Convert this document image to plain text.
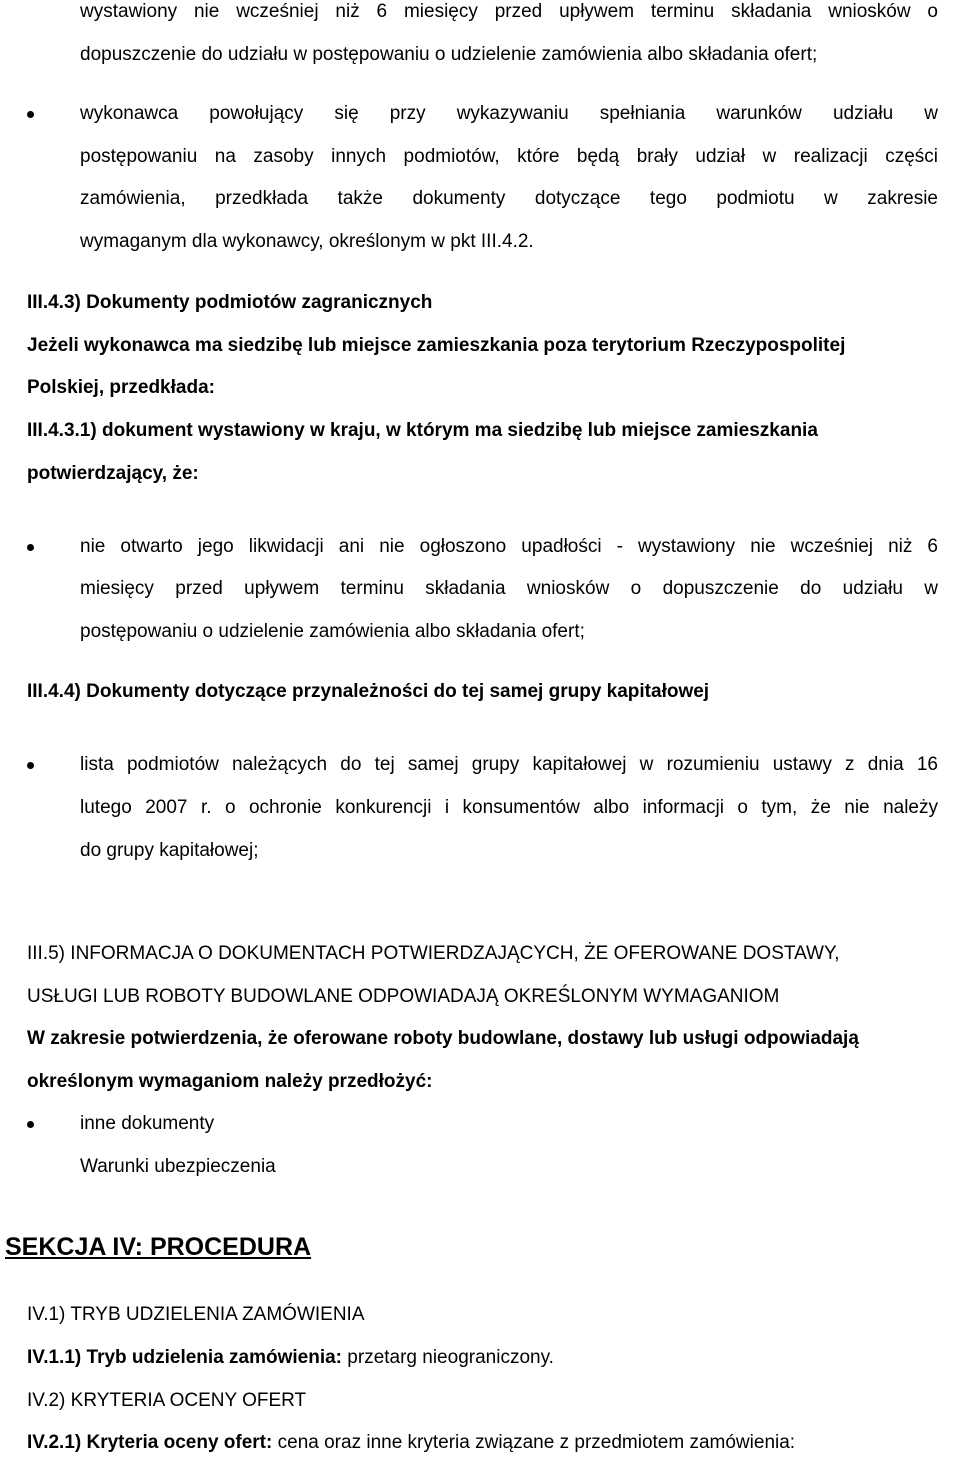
wystawiony nie wcześniej niż 6 miesięcy przed upływem terminu składania wniosków o
dopuszczenie do udziału w postępowaniu o udzielenie zamówienia albo składania ofert;
wykonawca powołujący się przy wykazywaniu spełniania warunków udziału w
postępowaniu na zasoby innych podmiotów, które będą brały udział w realizacji części
zamówienia, przedkłada także dokumenty dotyczące tego podmiotu w zakresie
wymaganym dla wykonawcy, określonym w pkt III.4.2.
III.4.3) Dokumenty podmiotów zagranicznych
Jeżeli wykonawca ma siedzibę lub miejsce zamieszkania poza terytorium Rzeczypospolitej
Polskiej, przedkłada:
III.4.3.1) dokument wystawiony w kraju, w którym ma siedzibę lub miejsce zamieszkania
potwierdzający, że:
nie otwarto jego likwidacji ani nie ogłoszono upadłości - wystawiony nie wcześniej niż 6
miesięcy przed upływem terminu składania wniosków o dopuszczenie do udziału w
postępowaniu o udzielenie zamówienia albo składania ofert;
III.4.4) Dokumenty dotyczące przynależności do tej samej grupy kapitałowej
lista podmiotów należących do tej samej grupy kapitałowej w rozumieniu ustawy z dnia 16
lutego 2007 r. o ochronie konkurencji i konsumentów albo informacji o tym, że nie należy
do grupy kapitałowej;
III.5) INFORMACJA O DOKUMENTACH POTWIERDZAJĄCYCH, ŻE OFEROWANE DOSTAWY,
USŁUGI LUB ROBOTY BUDOWLANE ODPOWIADAJĄ OKREŚLONYM WYMAGANIOM
W zakresie potwierdzenia, że oferowane roboty budowlane, dostawy lub usługi odpowiadają
określonym wymaganiom należy przedłożyć:
inne dokumenty
Warunki ubezpieczenia
SEKCJA IV: PROCEDURA
IV.1) TRYB UDZIELENIA ZAMÓWIENIA
IV.1.1) Tryb udzielenia zamówienia: przetarg nieograniczony.
IV.2) KRYTERIA OCENY OFERT
IV.2.1) Kryteria oceny ofert: cena oraz inne kryteria związane z przedmiotem zamówienia:
